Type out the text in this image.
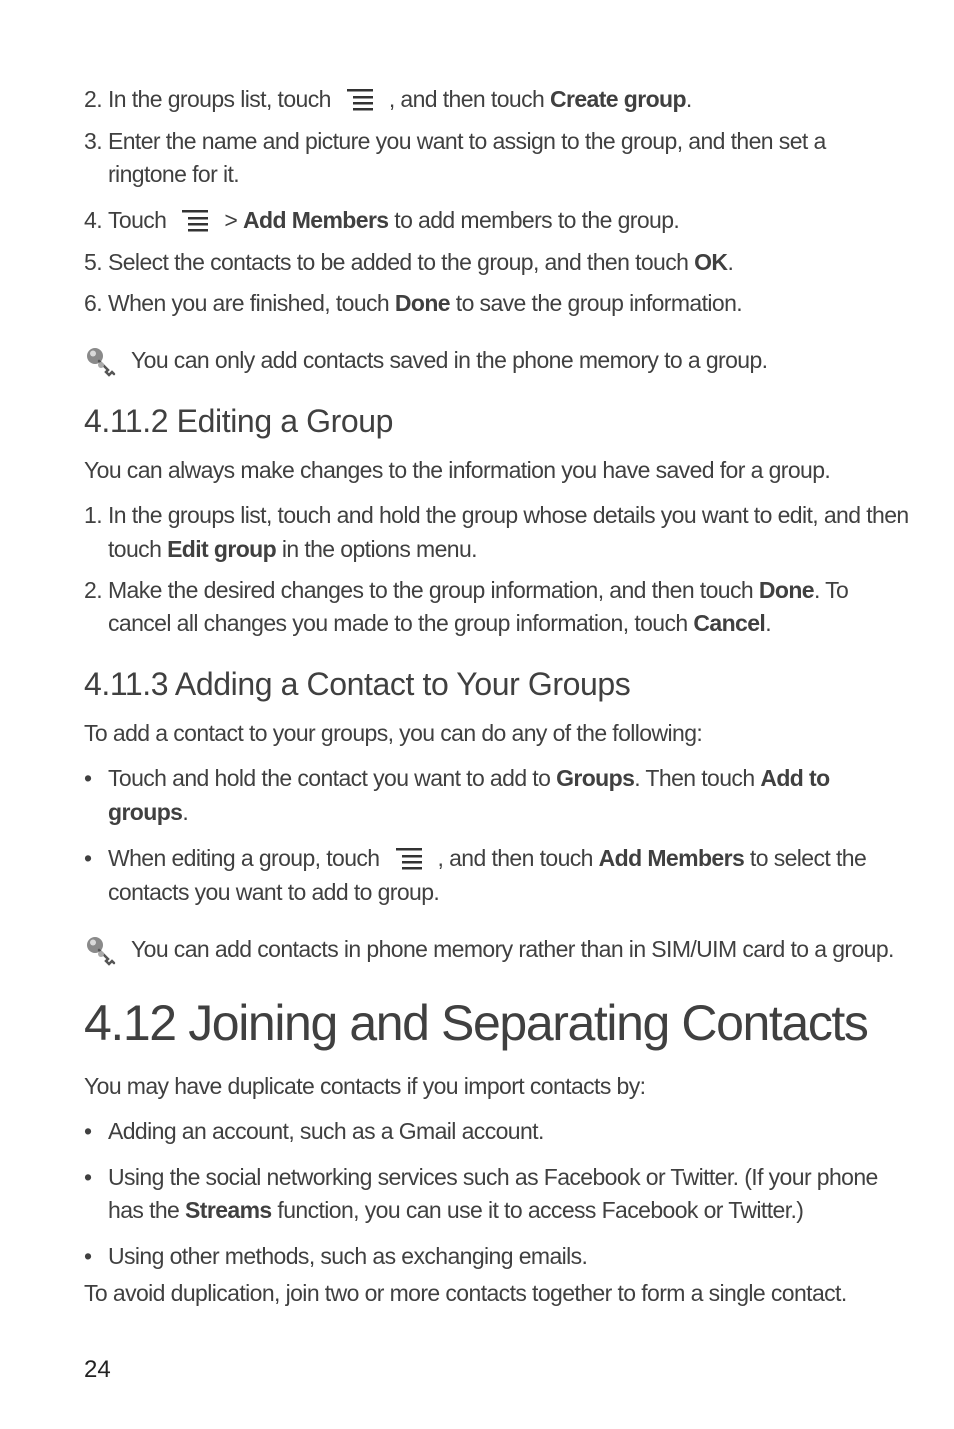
2. In the groups list, touch	, and then touch Create group.
3. Enter the name and picture you want to assign to the group, and then set a
ringtone for it.
4. Touch	> Add Members to add members to the group.
5. Select the contacts to be added to the group, and then touch OK.
6. When you are finished, touch Done to save the group information.
You can only add contacts saved in the phone memory to a group.
4.11.2 Editing a Group
You can always make changes to the information you have saved for a group.
1. In the groups list, touch and hold the group whose details you want to edit, and then
touch Edit group in the options menu.
2. Make the desired changes to the group information, and then touch Done. To
cancel all changes you made to the group information, touch Cancel.
4.11.3 Adding a Contact to Your Groups
To add a contact to your groups, you can do any of the following:
• Touch and hold the contact you want to add to Groups. Then touch Add to
groups.
• When editing a group, touch	, and then touch Add Members to select the
contacts you want to add to group.
You can add contacts in phone memory rather than in SIM/UIM card to a group.
4.12 Joining and Separating Contacts
You may have duplicate contacts if you import contacts by:
• Adding an account, such as a Gmail account.
• Using the social networking services such as Facebook or Twitter. (If your phone
has the Streams function, you can use it to access Facebook or Twitter.)
• Using other methods, such as exchanging emails.
To avoid duplication, join two or more contacts together to form a single contact.
24
